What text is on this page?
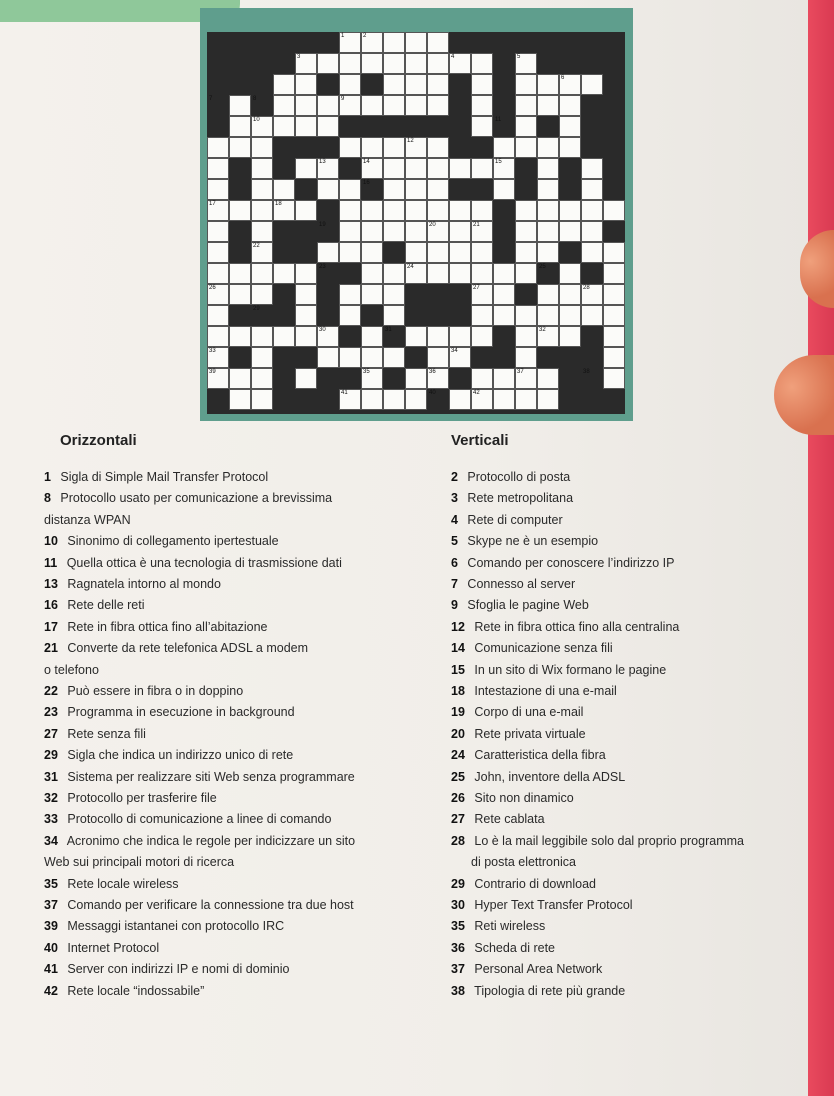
1	2
3	4	5
6
7	8	9
10	11
12
13	14	15
16
17	18
19	20	21
22
23	24	25
26	27	28
29
30	31	32
33	34
35	36	37	38
39
40
41	42
Orizzontali	Verticali
1 Sigla di Simple Mail Transfer Protocol
8 Protocollo usato per comunicazione a brevissima
distanza WPAN
10 Sinonimo di collegamento ipertestuale
11 Quella ottica è una tecnologia di trasmissione dati
13 Ragnatela intorno al mondo
16 Rete delle reti
17 Rete in fibra ottica fino all’abitazione
21 Converte da rete telefonica ADSL a modem
o telefono
22 Può essere in fibra o in doppino
23 Programma in esecuzione in background
27 Rete senza fili
29 Sigla che indica un indirizzo unico di rete
31 Sistema per realizzare siti Web senza programmare
32 Protocollo per trasferire file
33 Protocollo di comunicazione a linee di comando
34 Acronimo che indica le regole per indicizzare un sito
Web sui principali motori di ricerca
35 Rete locale wireless
37 Comando per verificare la connessione tra due host
39 Messaggi istantanei con protocollo IRC
40 Internet Protocol
41 Server con indirizzi IP e nomi di dominio
42 Rete locale “indossabile”
2 Protocollo di posta
3 Rete metropolitana
4 Rete di computer
5 Skype ne è un esempio
6 Comando per conoscere l’indirizzo IP
7 Connesso al server
9 Sfoglia le pagine Web
12 Rete in fibra ottica fino alla centralina
14 Comunicazione senza fili
15 In un sito di Wix formano le pagine
18 Intestazione di una e-mail
19 Corpo di una e-mail
20 Rete privata virtuale
24 Caratteristica della fibra
25 John, inventore della ADSL
26 Sito non dinamico
27 Rete cablata
28 Lo è la mail leggibile solo dal proprio programma
di posta elettronica
29 Contrario di download
30 Hyper Text Transfer Protocol
35 Reti wireless
36 Scheda di rete
37 Personal Area Network
38 Tipologia di rete più grande
